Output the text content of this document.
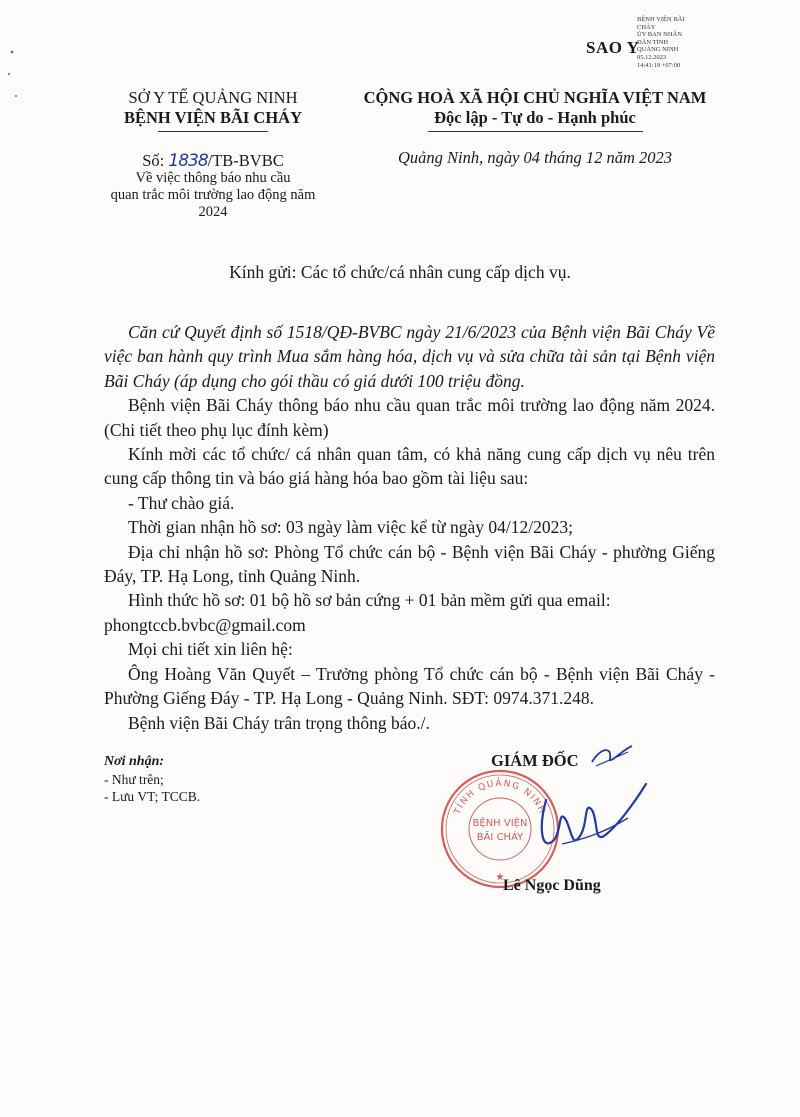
SAO Y
BỆNH VIỆN BÃI
CHÁY
ỦY BAN NHÂN
DÂN TỈNH
QUẢNG NINH
05.12.2023
14:41:19 +07:00
SỞ Y TẾ QUẢNG NINH
BỆNH VIỆN BÃI CHÁY
Số: 1838/TB-BVBC
Về việc thông báo nhu cầu
quan trắc môi trường lao động năm
2024
CỘNG HOÀ XÃ HỘI CHỦ NGHĨA VIỆT NAM
Độc lập - Tự do - Hạnh phúc
Quảng Ninh, ngày 04 tháng 12 năm 2023
Kính gửi: Các tổ chức/cá nhân cung cấp dịch vụ.

Căn cứ Quyết định số 1518/QĐ-BVBC ngày 21/6/2023 của Bệnh viện Bãi Cháy Về việc ban hành quy trình Mua sắm hàng hóa, dịch vụ và sửa chữa tài sản tại Bệnh viện Bãi Cháy (áp dụng cho gói thầu có giá dưới 100 triệu đồng.

Bệnh viện Bãi Cháy thông báo nhu cầu quan trắc môi trường lao động năm 2024. (Chi tiết theo phụ lục đính kèm)

Kính mời các tổ chức/ cá nhân quan tâm, có khả năng cung cấp dịch vụ nêu trên cung cấp thông tin và báo giá hàng hóa bao gồm tài liệu sau:

- Thư chào giá.

Thời gian nhận hồ sơ: 03 ngày làm việc kể từ ngày 04/12/2023;

Địa chỉ nhận hồ sơ: Phòng Tổ chức cán bộ - Bệnh viện Bãi Cháy - phường Giếng Đáy, TP. Hạ Long, tỉnh Quảng Ninh.

Hình thức hồ sơ: 01 bộ hồ sơ bản cứng + 01 bản mềm gửi qua email:

phongtccb.bvbc@gmail.com

Mọi chi tiết xin liên hệ:

Ông Hoàng Văn Quyết – Trưởng phòng Tổ chức cán bộ - Bệnh viện Bãi Cháy - Phường Giếng Đáy - TP. Hạ Long - Quảng Ninh. SĐT: 0974.371.248.

Bệnh viện Bãi Cháy trân trọng thông báo./.

Nơi nhận:
- Như trên;
- Lưu VT; TCCB.
TỈNH QUẢNG NINH
BỆNH VIỆN
BÃI CHÁY
★
GIÁM ĐỐC
Lê Ngọc Dũng
